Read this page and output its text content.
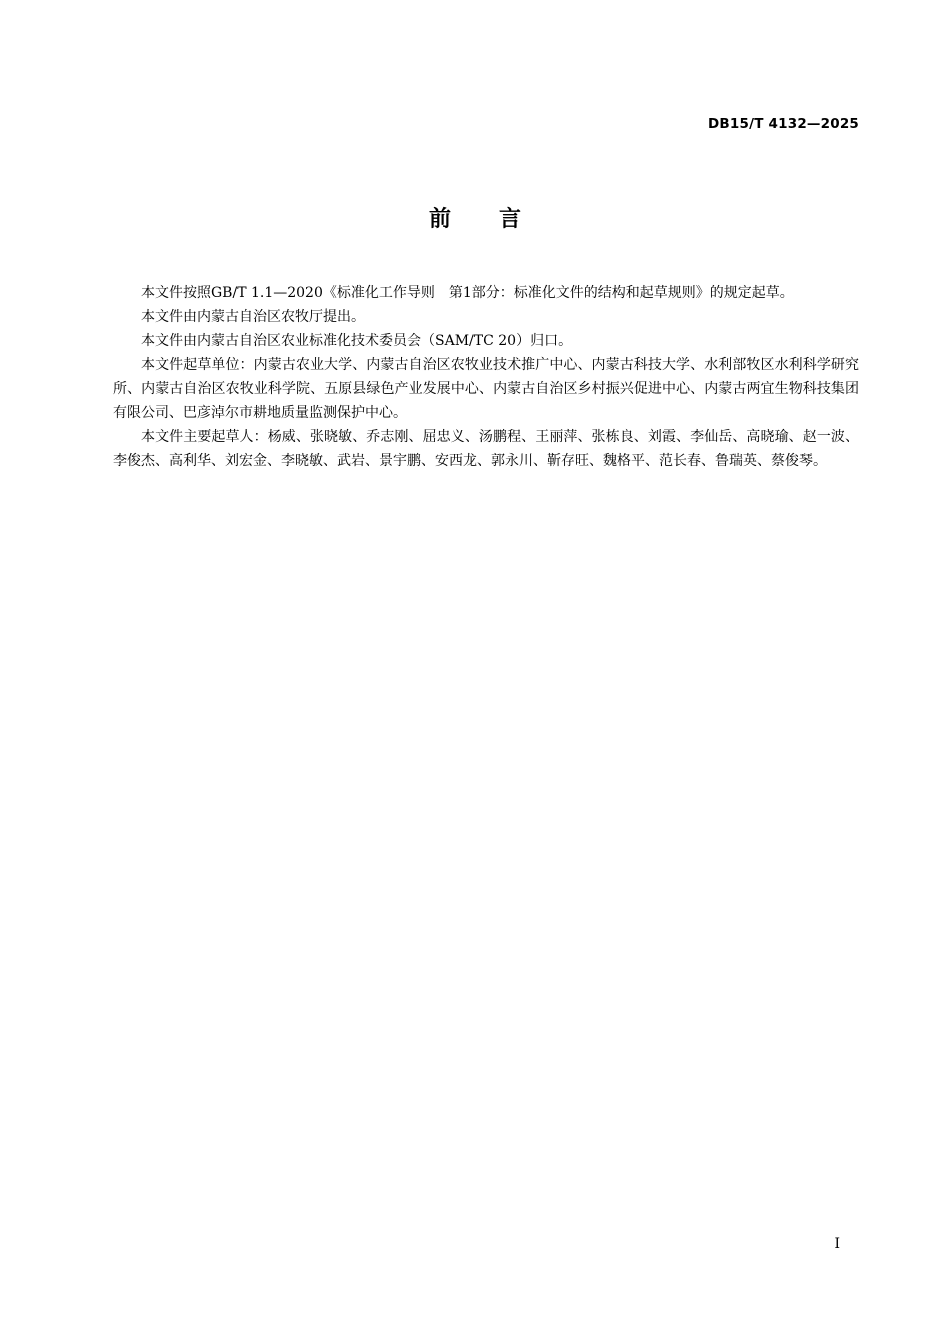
DB15/T 4132—2025
前言

本文件按照GB/T 1.1—2020《标准化工作导则　第1部分：标准化文件的结构和起草规则》的规定起草。

本文件由内蒙古自治区农牧厅提出。

本文件由内蒙古自治区农业标准化技术委员会（SAM/TC 20）归口。

本文件起草单位：内蒙古农业大学、内蒙古自治区农牧业技术推广中心、内蒙古科技大学、水利部牧区水利科学研究所、内蒙古自治区农牧业科学院、五原县绿色产业发展中心、内蒙古自治区乡村振兴促进中心、内蒙古两宜生物科技集团有限公司、巴彦淖尔市耕地质量监测保护中心。

本文件主要起草人：杨威、张晓敏、乔志刚、屈忠义、汤鹏程、王丽萍、张栋良、刘霞、李仙岳、高晓瑜、赵一波、李俊杰、高利华、刘宏金、李晓敏、武岩、景宇鹏、安西龙、郭永川、靳存旺、魏格平、范长春、鲁瑞英、蔡俊琴。

I
